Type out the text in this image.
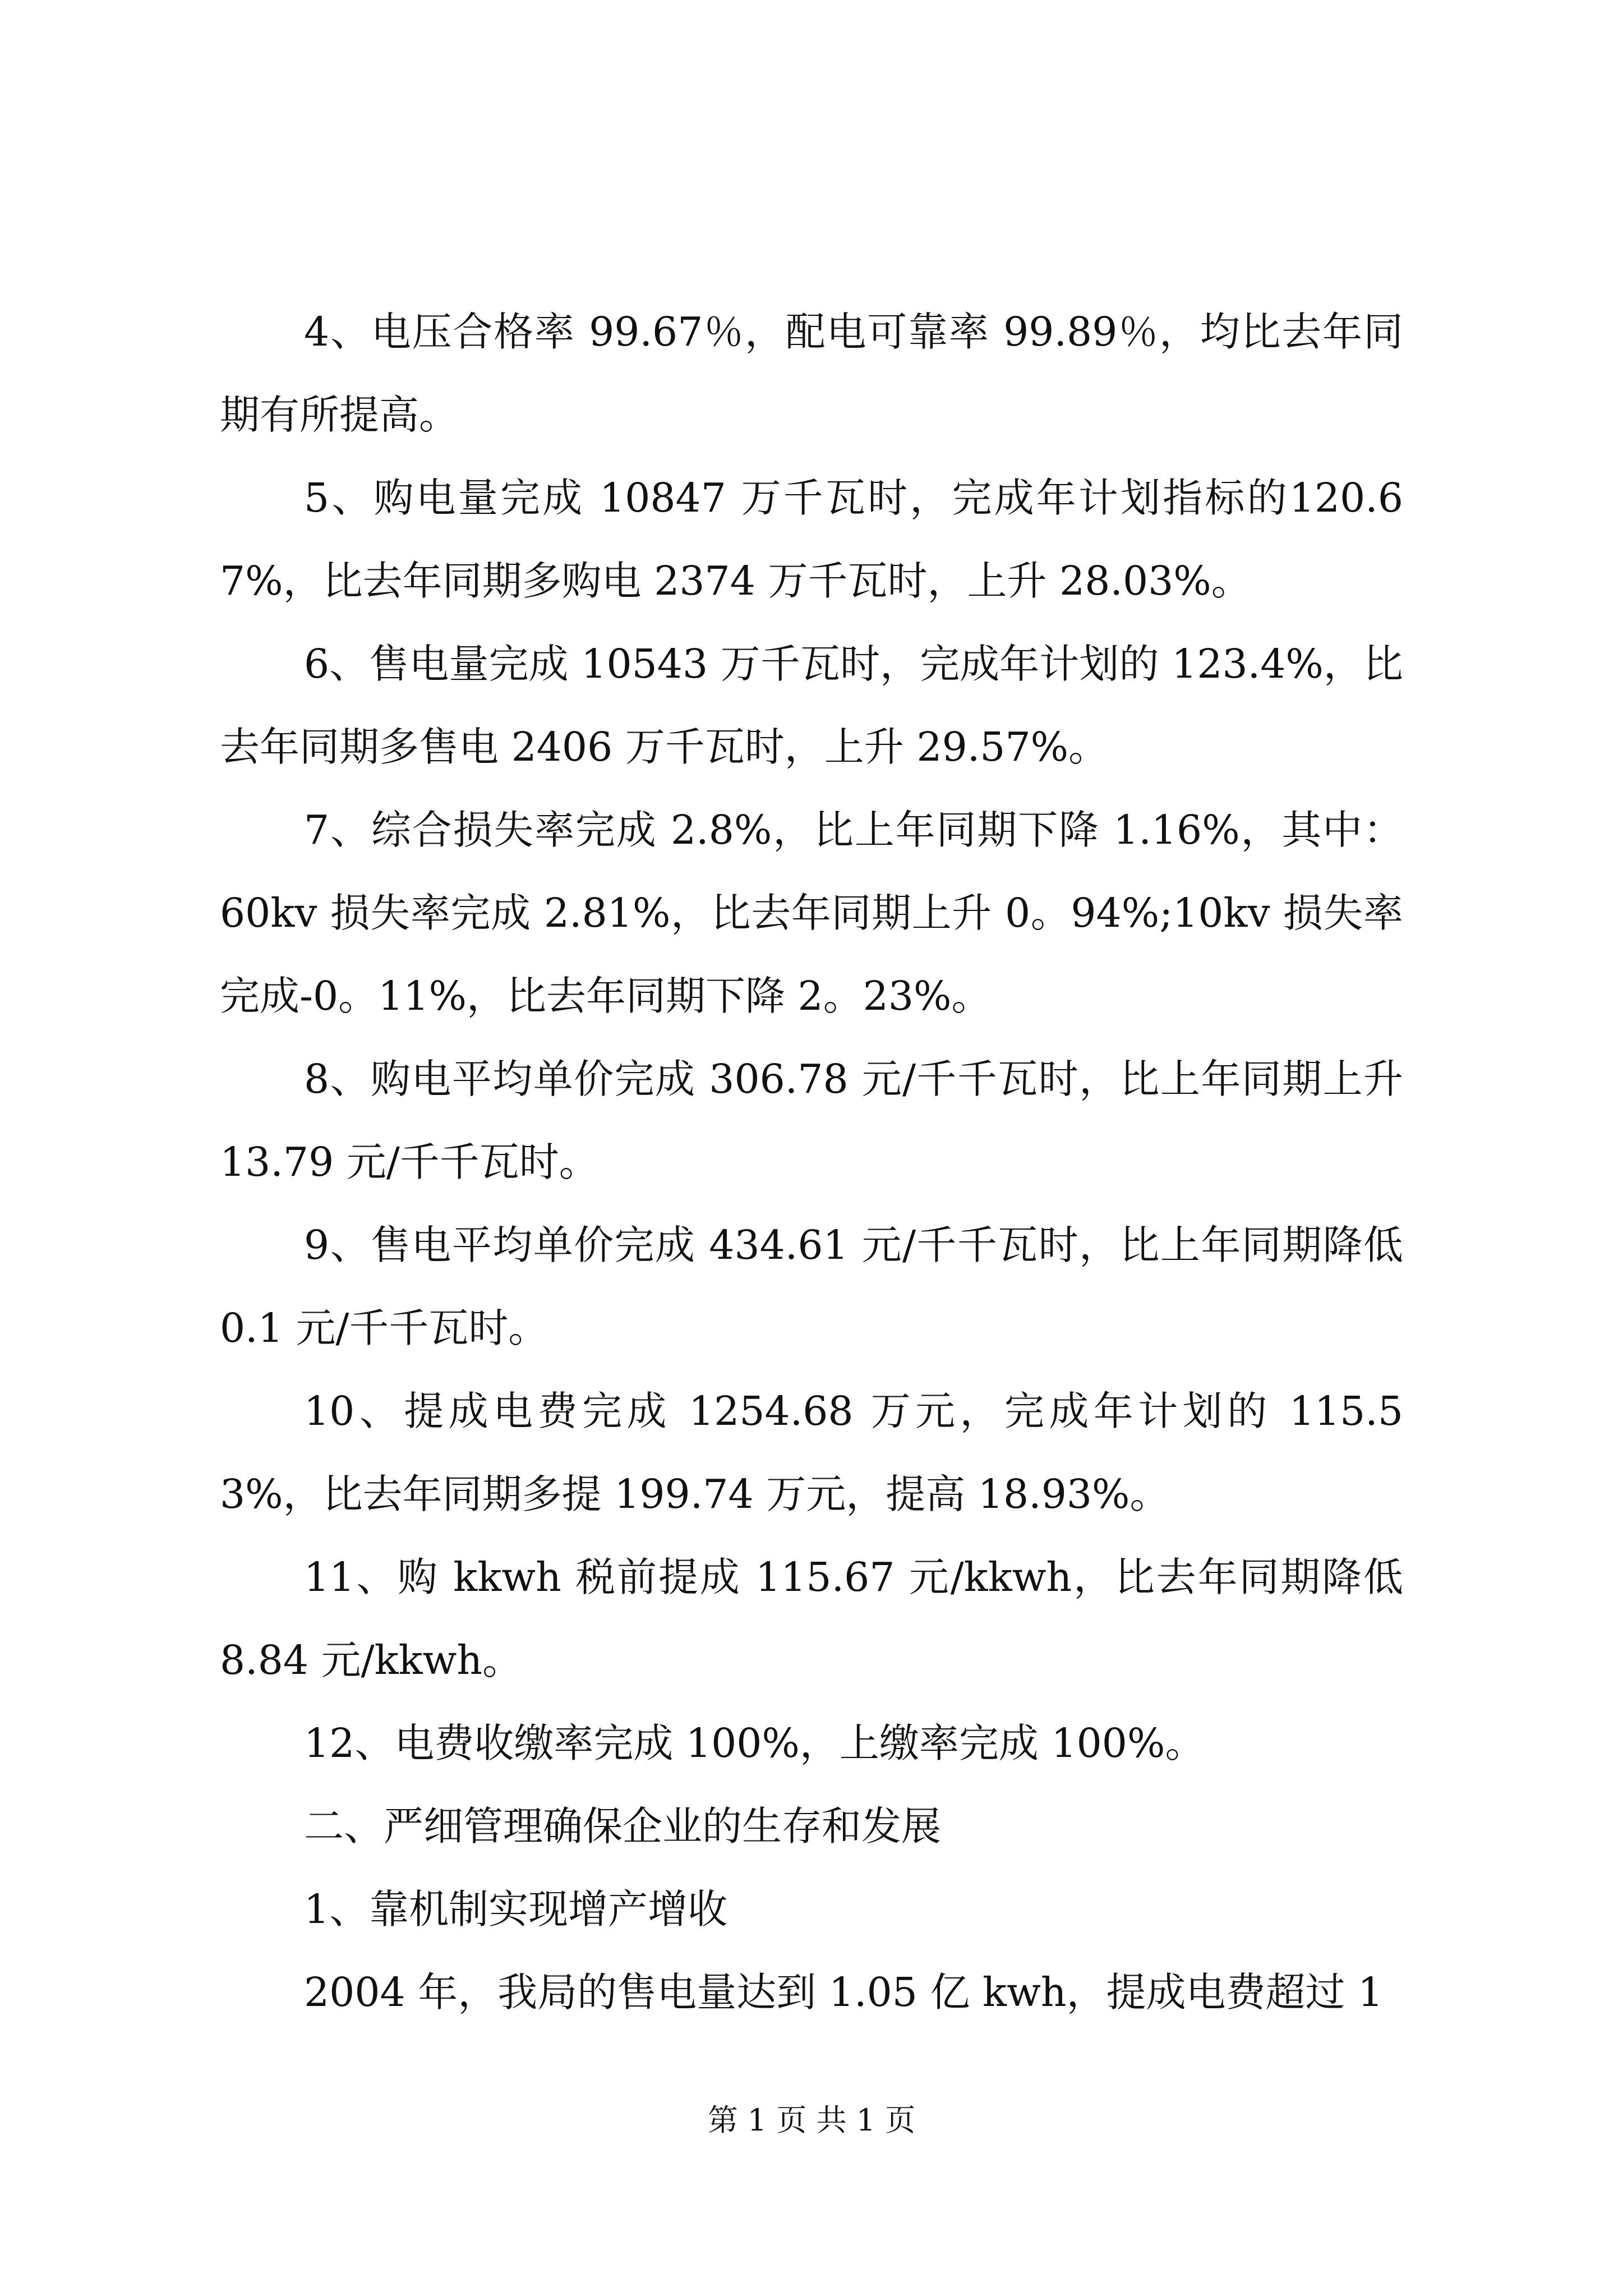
4、电压合格率 99.67％，配电可靠率 99.89％，均比去年同期有所提高。

5、购电量完成 10847 万千瓦时，完成年计划指标的120.67%，比去年同期多购电 2374 万千瓦时，上升 28.03%。

6、售电量完成 10543 万千瓦时，完成年计划的 123.4%，比去年同期多售电 2406 万千瓦时，上升 29.57%。

7、综合损失率完成 2.8%，比上年同期下降 1.16%，其中：60kv 损失率完成 2.81%，比去年同期上升 0。94%;10kv 损失率完成-0。11%，比去年同期下降 2。23%。

8、购电平均单价完成 306.78 元/千千瓦时，比上年同期上升 13.79 元/千千瓦时。

9、售电平均单价完成 434.61 元/千千瓦时，比上年同期降低 0.1 元/千千瓦时。

10、提成电费完成 1254.68 万元，完成年计划的 115.53%，比去年同期多提 199.74 万元，提高 18.93%。

11、购 kkwh 税前提成 115.67 元/kkwh，比去年同期降低8.84 元/kkwh。

12、电费收缴率完成 100%，上缴率完成 100%。

二、严细管理确保企业的生存和发展

1、靠机制实现增产增收

2004 年，我局的售电量达到 1.05 亿 kwh，提成电费超过 1

第 1 页 共 1 页
